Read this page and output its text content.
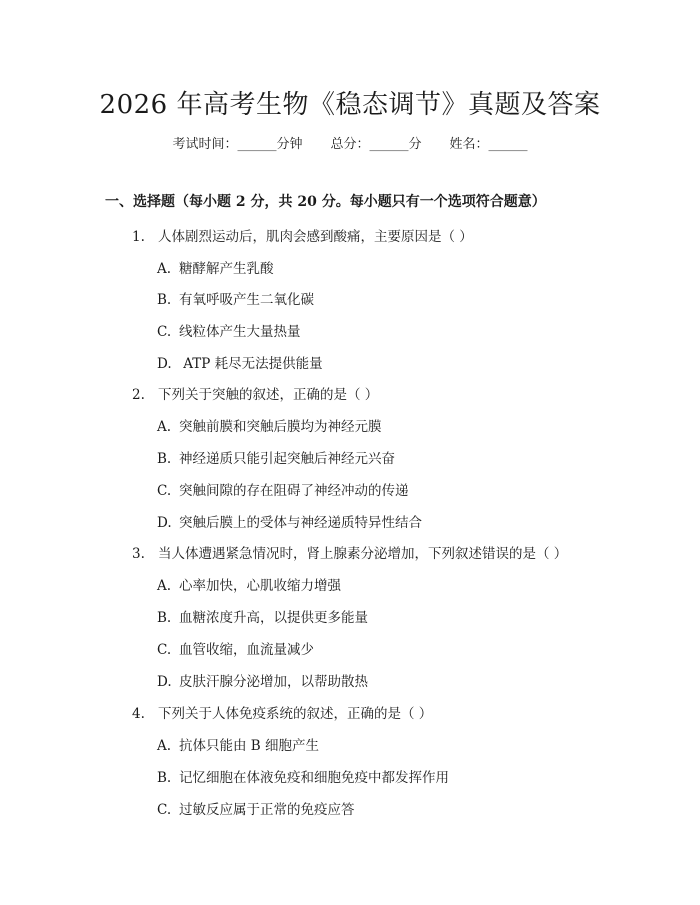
2026 年高考生物《稳态调节》真题及答案
考试时间：______分钟 总分：______分 姓名：______
一、选择题（每小题 2 分，共 20 分。每小题只有一个选项符合题意）
1. 人体剧烈运动后，肌肉会感到酸痛，主要原因是（ ）
A. 糖酵解产生乳酸
B. 有氧呼吸产生二氧化碳
C. 线粒体产生大量热量
D. ATP 耗尽无法提供能量
2. 下列关于突触的叙述，正确的是（ ）
A. 突触前膜和突触后膜均为神经元膜
B. 神经递质只能引起突触后神经元兴奋
C. 突触间隙的存在阻碍了神经冲动的传递
D. 突触后膜上的受体与神经递质特异性结合
3. 当人体遭遇紧急情况时，肾上腺素分泌增加，下列叙述错误的是（ ）
A. 心率加快，心肌收缩力增强
B. 血糖浓度升高，以提供更多能量
C. 血管收缩，血流量减少
D. 皮肤汗腺分泌增加，以帮助散热
4. 下列关于人体免疫系统的叙述，正确的是（ ）
A. 抗体只能由 B 细胞产生
B. 记忆细胞在体液免疫和细胞免疫中都发挥作用
C. 过敏反应属于正常的免疫应答
